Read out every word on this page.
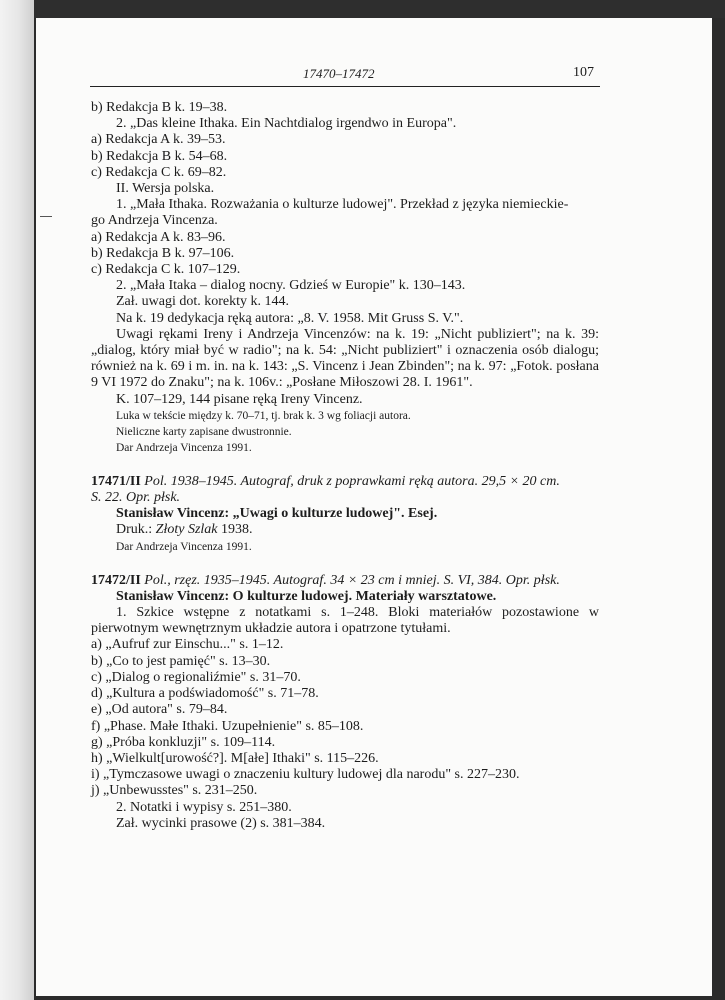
17470–17472	107
b) Redakcja B k. 19–38.
2. „Das kleine Ithaka. Ein Nachtdialog irgendwo in Europa".
a) Redakcja A k. 39–53.
b) Redakcja B k. 54–68.
c) Redakcja C k. 69–82.
II. Wersja polska.
1. „Mała Ithaka. Rozważania o kulturze ludowej". Przekład z języka niemieckie-
go Andrzeja Vincenza.
a) Redakcja A k. 83–96.
b) Redakcja B k. 97–106.
c) Redakcja C k. 107–129.
2. „Mała Itaka – dialog nocny. Gdzieś w Europie" k. 130–143.
Zał. uwagi dot. korekty k. 144.
Na k. 19 dedykacja ręką autora: „8. V. 1958. Mit Gruss S. V.".
Uwagi rękami Ireny i Andrzeja Vincenzów: na k. 19: „Nicht publiziert"; na k. 39: „dialog, który miał być w radio"; na k. 54: „Nicht publiziert" i oznaczenia osób dialogu; również na k. 69 i m. in. na k. 143: „S. Vincenz i Jean Zbinden"; na k. 97: „Fotok. posłana 9 VI 1972 do Znaku"; na k. 106v.: „Posłane Miłoszowi 28. I. 1961".
K. 107–129, 144 pisane ręką Ireny Vincenz.
Luka w tekście między k. 70–71, tj. brak k. 3 wg foliacji autora.
Nieliczne karty zapisane dwustronnie.
Dar Andrzeja Vincenza 1991.
17471/II Pol. 1938–1945. Autograf, druk z poprawkami ręką autora. 29,5 × 20 cm.
S. 22. Opr. płsk.
Stanisław Vincenz: „Uwagi o kulturze ludowej". Esej.
Druk.: Złoty Szlak 1938.
Dar Andrzeja Vincenza 1991.
17472/II Pol., rzęz. 1935–1945. Autograf. 34 × 23 cm i mniej. S. VI, 384. Opr. płsk.
Stanisław Vincenz: O kulturze ludowej. Materiały warsztatowe.
1. Szkice wstępne z notatkami s. 1–248. Bloki materiałów pozostawione w pierwotnym wewnętrznym układzie autora i opatrzone tytułami.
a) „Aufruf zur Einschu..." s. 1–12.
b) „Co to jest pamięć" s. 13–30.
c) „Dialog o regionaliźmie" s. 31–70.
d) „Kultura a podświadomość" s. 71–78.
e) „Od autora" s. 79–84.
f) „Phase. Małe Ithaki. Uzupełnienie" s. 85–108.
g) „Próba konkluzji" s. 109–114.
h) „Wielkult[urowość?]. M[ałe] Ithaki" s. 115–226.
i) „Tymczasowe uwagi o znaczeniu kultury ludowej dla narodu" s. 227–230.
j) „Unbewusstes" s. 231–250.
2. Notatki i wypisy s. 251–380.
Zał. wycinki prasowe (2) s. 381–384.
